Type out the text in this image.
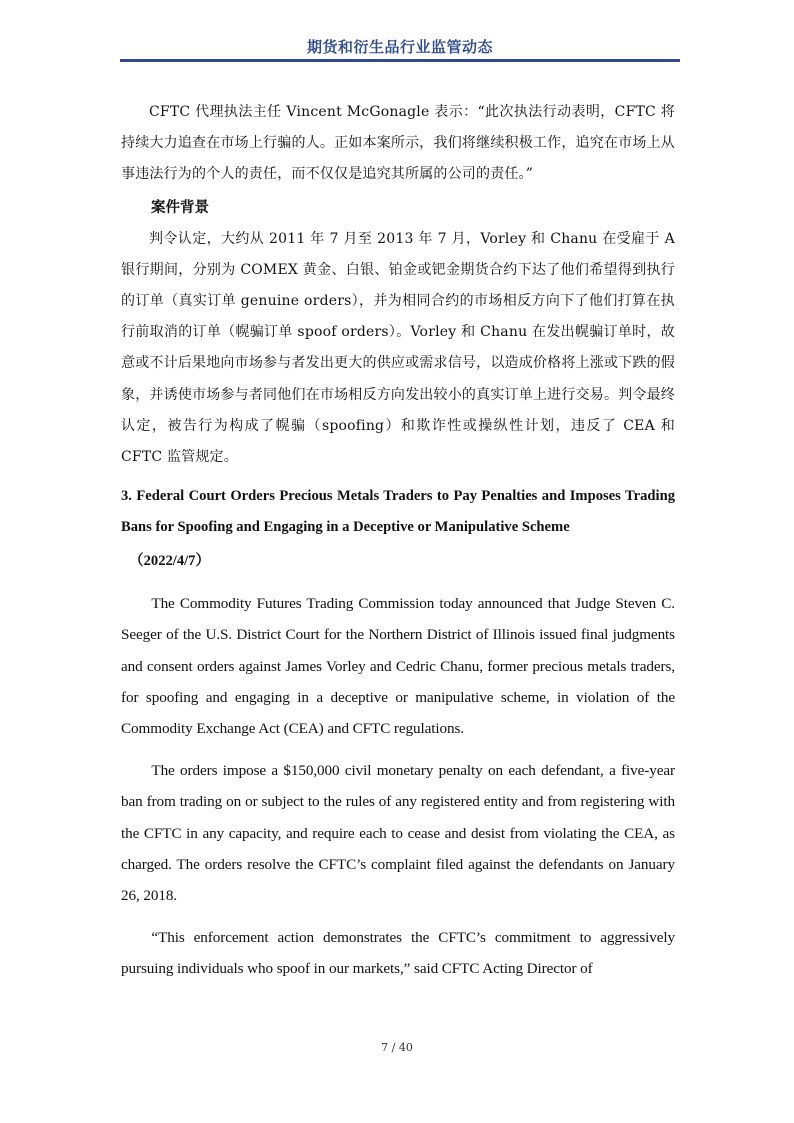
期货和衍生品行业监管动态

CFTC 代理执法主任 Vincent McGonagle 表示：“此次执法行动表明，CFTC 将持续大力追查在市场上行骗的人。正如本案所示，我们将继续积极工作，追究在市场上从事违法行为的个人的责任，而不仅仅是追究其所属的公司的责任。”

案件背景

判令认定，大约从 2011 年 7 月至 2013 年 7 月，Vorley 和 Chanu 在受雇于 A 银行期间，分别为 COMEX 黄金、白银、铂金或钯金期货合约下达了他们希望得到执行的订单（真实订单 genuine orders），并为相同合约的市场相反方向下了他们打算在执行前取消的订单（幌骗订单 spoof orders）。Vorley 和 Chanu 在发出幌骗订单时，故意或不计后果地向市场参与者发出更大的供应或需求信号，以造成价格将上涨或下跌的假象，并诱使市场参与者同他们在市场相反方向发出较小的真实订单上进行交易。判令最终认定，被告行为构成了幌骗（spoofing）和欺诈性或操纵性计划，违反了 CEA 和 CFTC 监管规定。

3. Federal Court Orders Precious Metals Traders to Pay Penalties and Imposes Trading Bans for Spoofing and Engaging in a Deceptive or Manipulative Scheme

（2022/4/7）

The Commodity Futures Trading Commission today announced that Judge Steven C. Seeger of the U.S. District Court for the Northern District of Illinois issued final judgments and consent orders against James Vorley and Cedric Chanu, former precious metals traders, for spoofing and engaging in a deceptive or manipulative scheme, in violation of the Commodity Exchange Act (CEA) and CFTC regulations.

The orders impose a $150,000 civil monetary penalty on each defendant, a five-year ban from trading on or subject to the rules of any registered entity and from registering with the CFTC in any capacity, and require each to cease and desist from violating the CEA, as charged. The orders resolve the CFTC’s complaint filed against the defendants on January 26, 2018.

“This enforcement action demonstrates the CFTC’s commitment to aggressively pursuing individuals who spoof in our markets,” said CFTC Acting Director of

7 / 40
